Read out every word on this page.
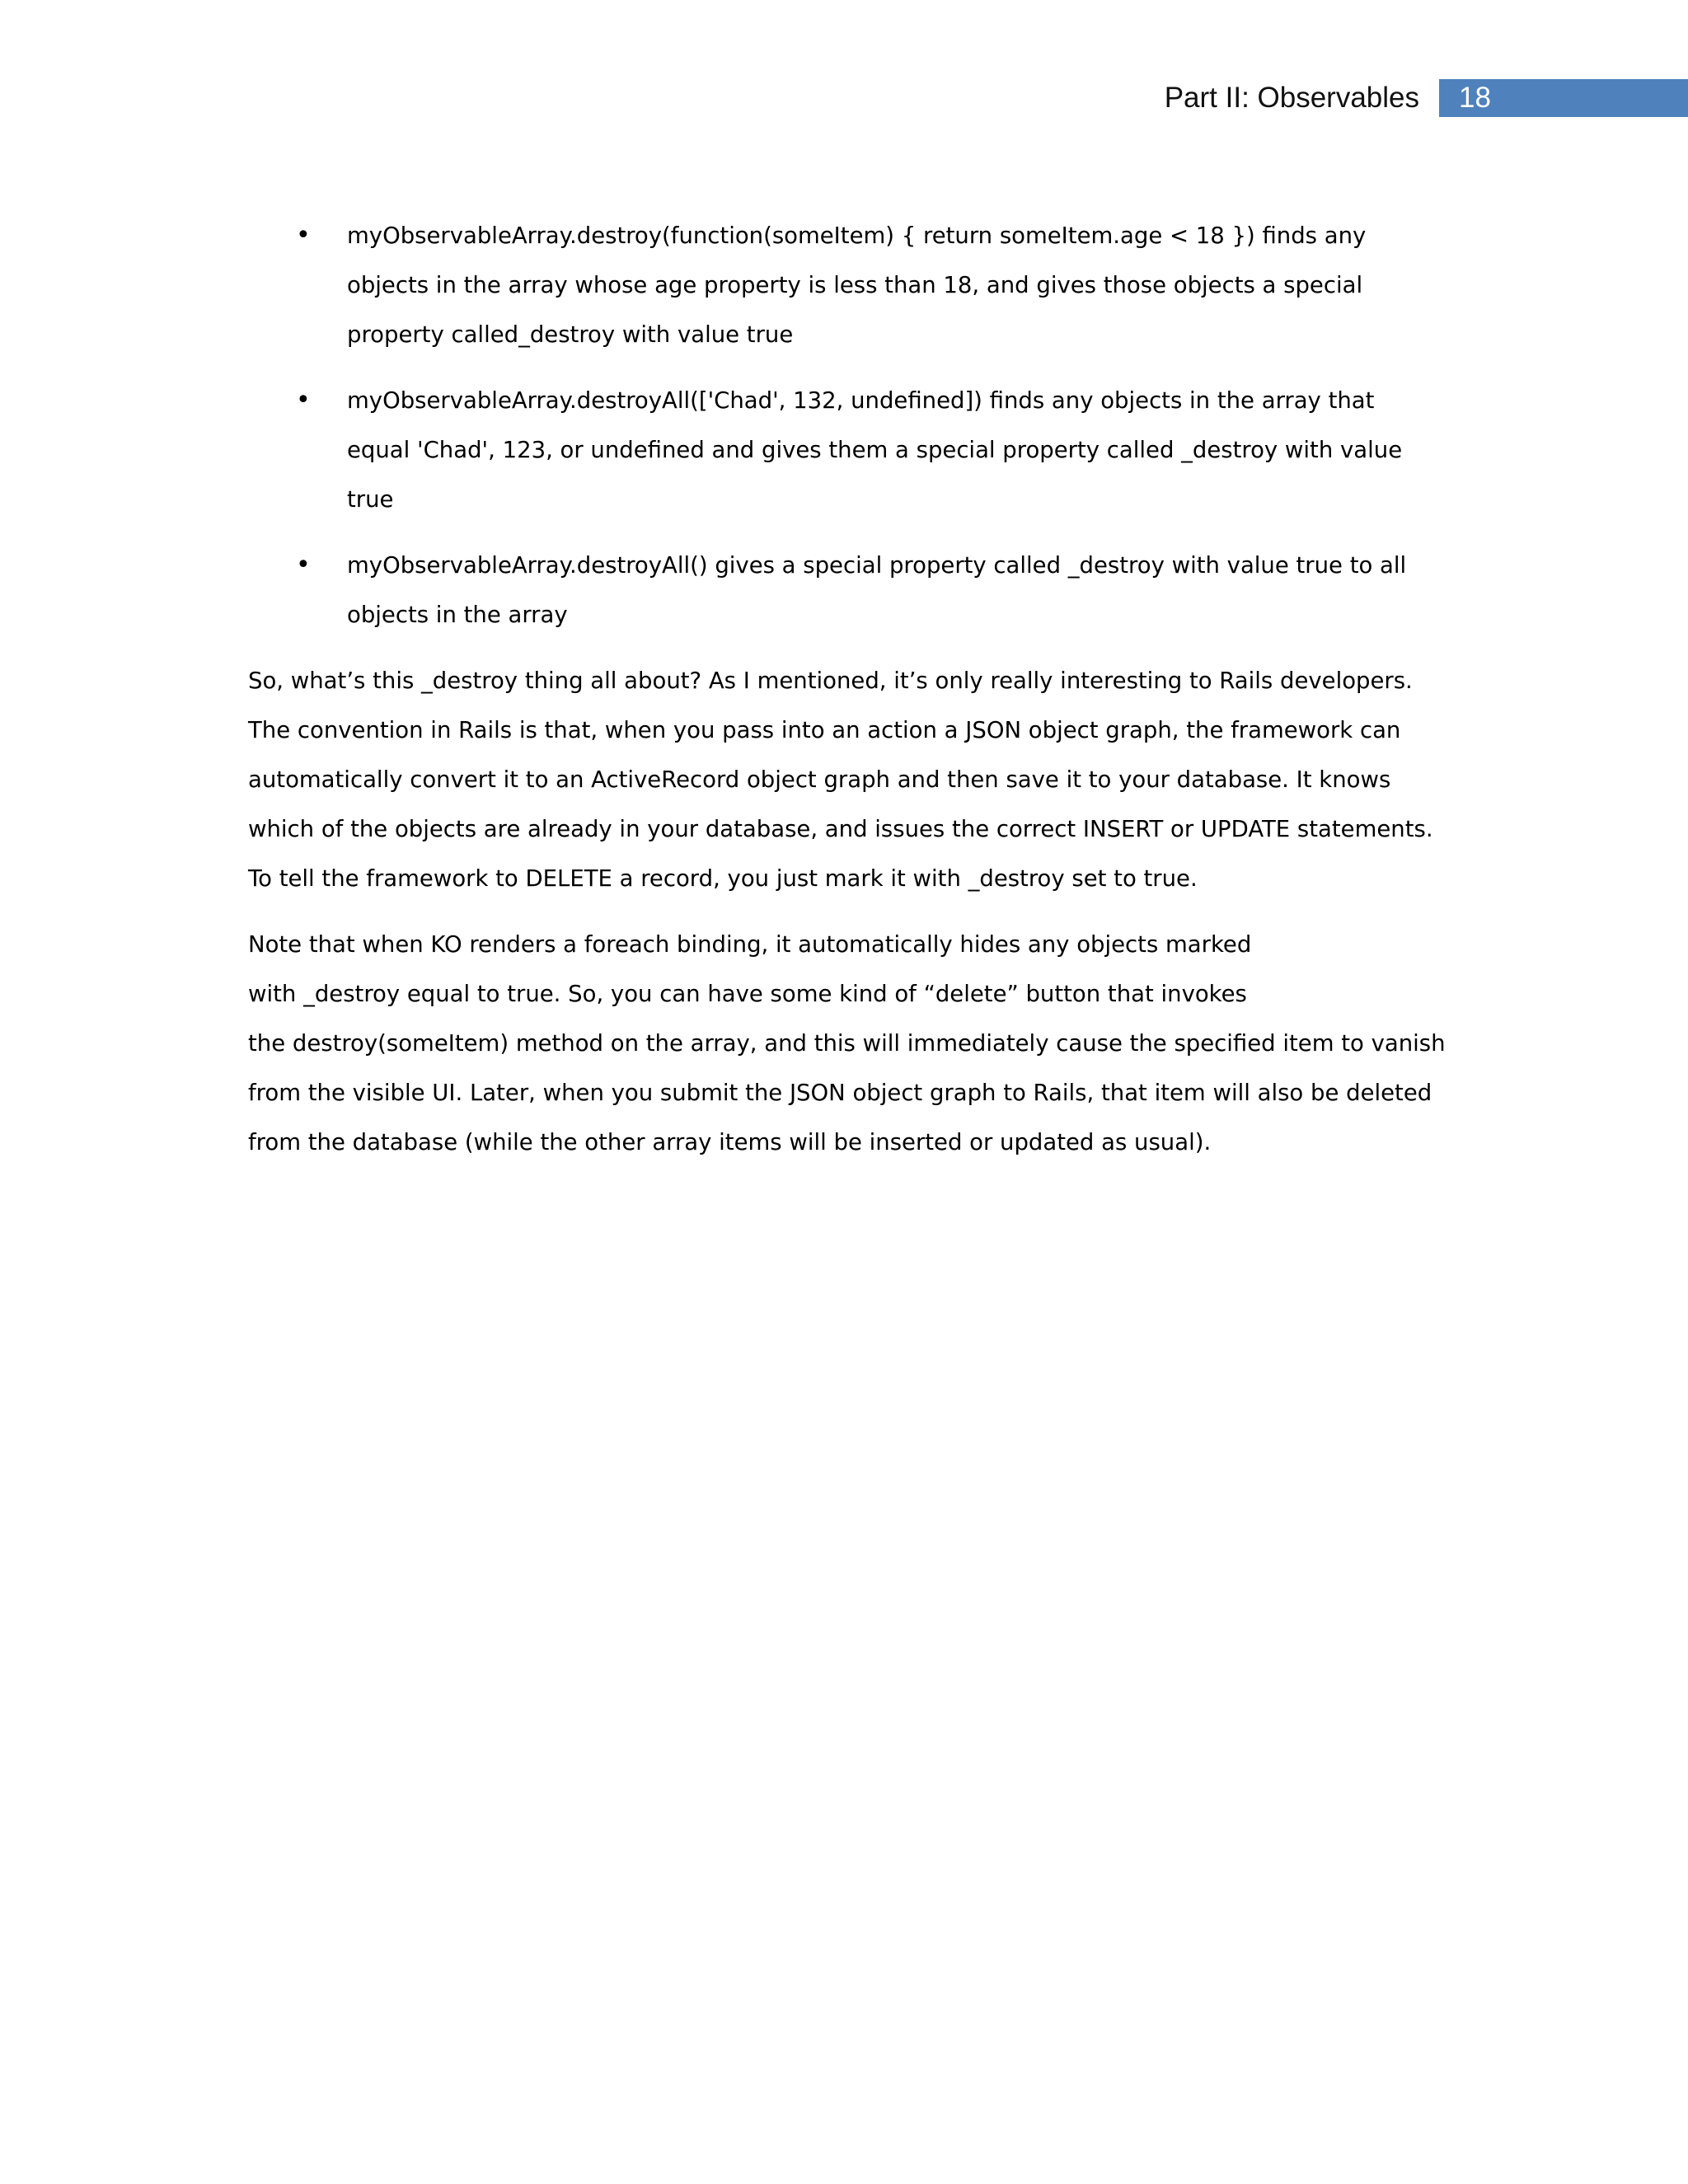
Part II: Observables	18
• myObservableArray.destroy(function(someItem) { return someItem.age < 18 }) finds any
objects in the array whose age property is less than 18, and gives those objects a special
property called_destroy with value true
• myObservableArray.destroyAll(['Chad', 132, undefined]) finds any objects in the array that
equal 'Chad', 123, or undefined and gives them a special property called _destroy with value true
• myObservableArray.destroyAll() gives a special property called _destroy with value true to all
objects in the array
So, what’s this _destroy thing all about? As I mentioned, it’s only really interesting to Rails developers.
The convention in Rails is that, when you pass into an action a JSON object graph, the framework can
automatically convert it to an ActiveRecord object graph and then save it to your database. It knows
which of the objects are already in your database, and issues the correct INSERT or UPDATE statements.
To tell the framework to DELETE a record, you just mark it with _destroy set to true.
Note that when KO renders a foreach binding, it automatically hides any objects marked
with _destroy equal to true. So, you can have some kind of “delete” button that invokes
the destroy(someItem) method on the array, and this will immediately cause the specified item to vanish
from the visible UI. Later, when you submit the JSON object graph to Rails, that item will also be deleted
from the database (while the other array items will be inserted or updated as usual).
